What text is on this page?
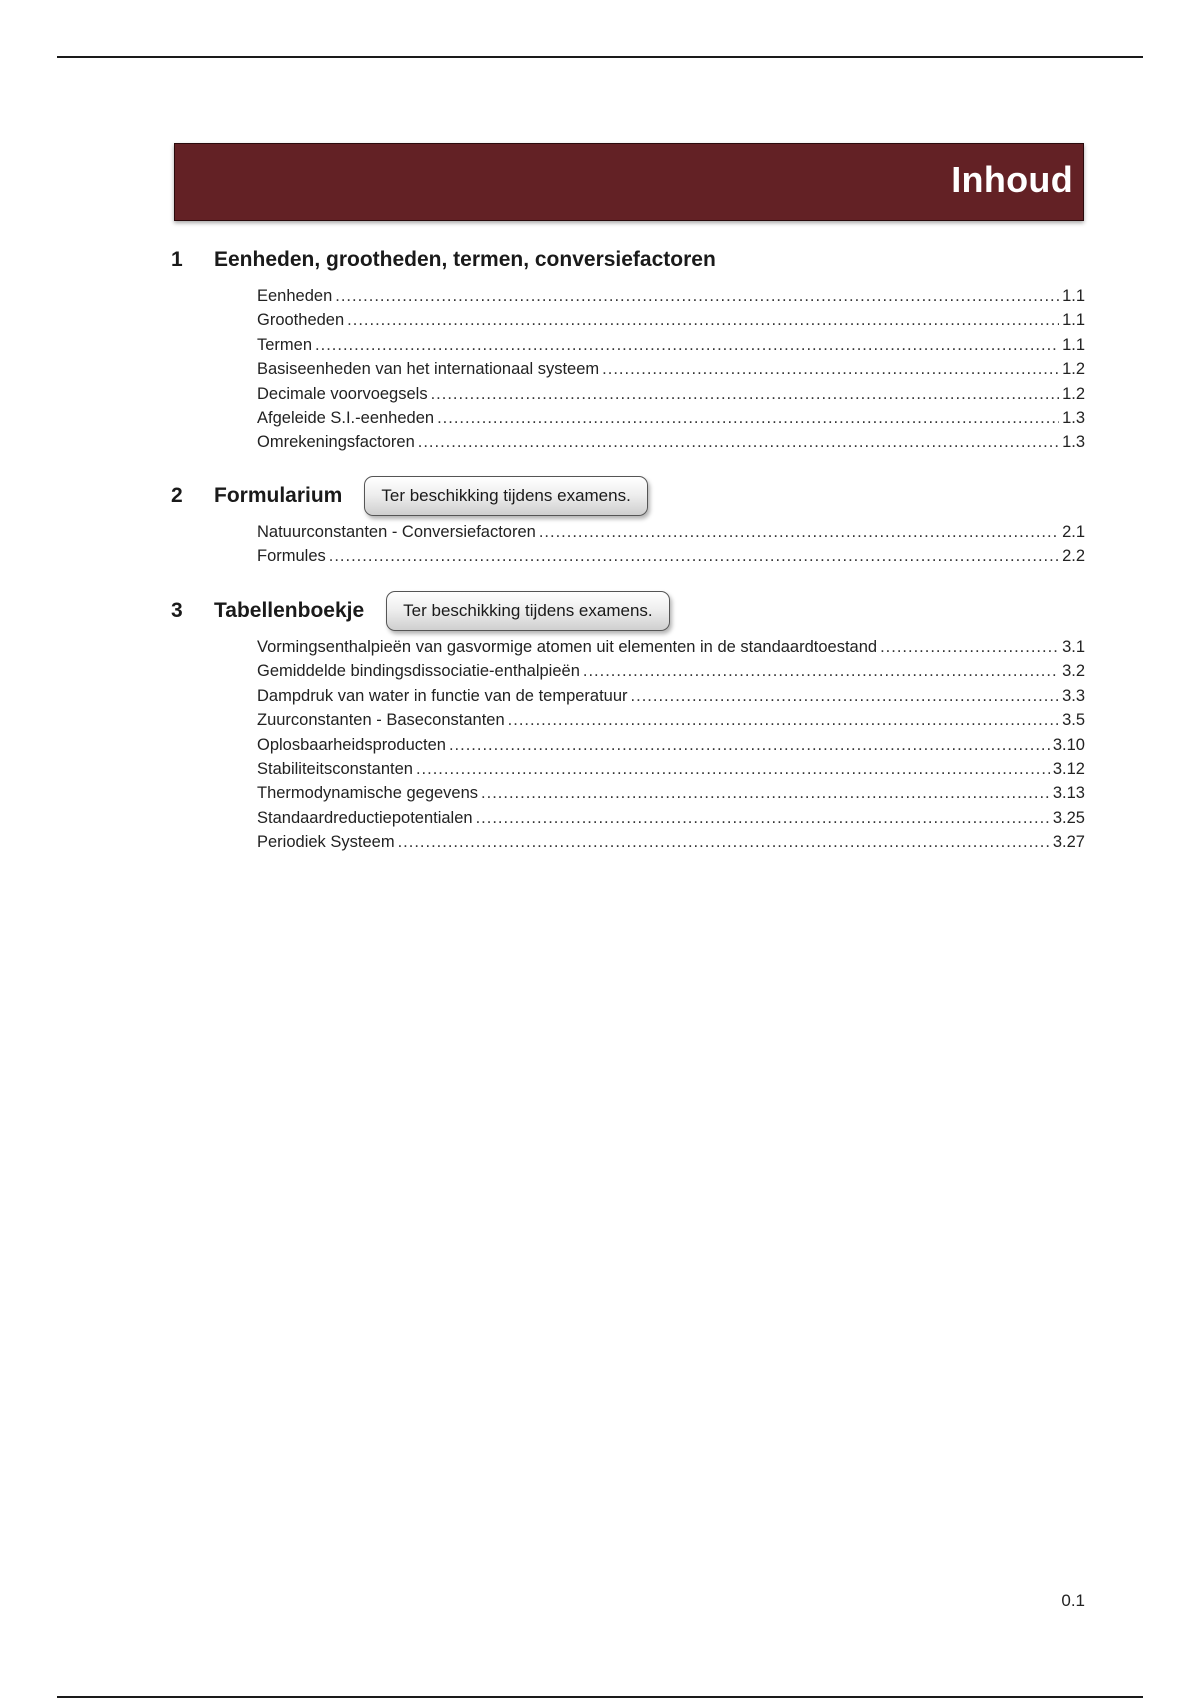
Inhoud
1	Eenheden, grootheden, termen, conversiefactoren
Eenheden .....	1.1
Grootheden .....	1.1
Termen .....	1.1
Basiseenheden van het internationaal systeem .....	1.2
Decimale voorvoegsels .....	1.2
Afgeleide S.I.-eenheden .....	1.3
Omrekeningsfactoren .....	1.3
2	Formularium	Ter beschikking tijdens examens.
Natuurconstanten - Conversiefactoren .....	2.1
Formules .....	2.2
3	Tabellenboekje	Ter beschikking tijdens examens.
Vormingsenthalpieën van gasvormige atomen uit elementen in de standaardtoestand .....	3.1
Gemiddelde bindingsdissociatie-enthalpieën .....	3.2
Dampdruk van water in functie van de temperatuur .....	3.3
Zuurconstanten - Baseconstanten .....	3.5
Oplosbaarheidsproducten .....	3.10
Stabiliteitsconstanten .....	3.12
Thermodynamische gegevens .....	3.13
Standaardreductiepotentialen .....	3.25
Periodiek Systeem .....	3.27
0.1
